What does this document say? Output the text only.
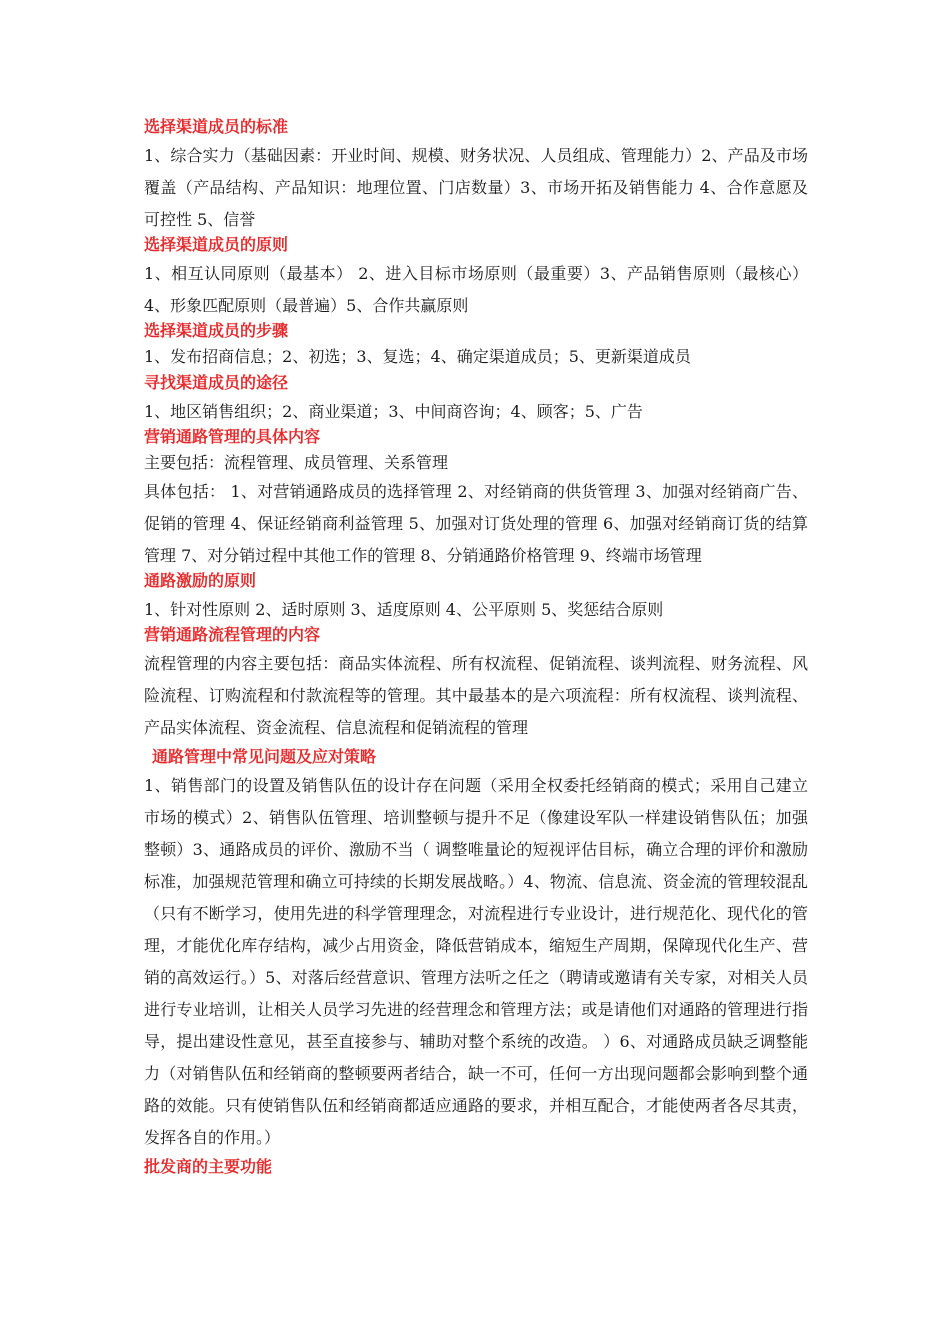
选择渠道成员的标准

1、综合实力（基础因素：开业时间、规模、财务状况、人员组成、管理能力）2、产品及市场覆盖（产品结构、产品知识：地理位置、门店数量）3、市场开拓及销售能力 4、合作意愿及可控性 5、信誉

选择渠道成员的原则

1、相互认同原则（最基本） 2、进入目标市场原则（最重要）3、产品销售原则（最核心）4、形象匹配原则（最普遍）5、合作共赢原则

选择渠道成员的步骤

1、发布招商信息；2、初选；3、复选；4、确定渠道成员；5、更新渠道成员

寻找渠道成员的途径

1、地区销售组织；2、商业渠道；3、中间商咨询；4、顾客；5、广告

营销通路管理的具体内容

主要包括：流程管理、成员管理、关系管理

具体包括： 1、对营销通路成员的选择管理 2、对经销商的供货管理 3、加强对经销商广告、促销的管理 4、保证经销商利益管理 5、加强对订货处理的管理 6、加强对经销商订货的结算管理 7、对分销过程中其他工作的管理 8、分销通路价格管理 9、终端市场管理

通路激励的原则

1、针对性原则 2、适时原则 3、适度原则 4、公平原则 5、奖惩结合原则

营销通路流程管理的内容

流程管理的内容主要包括：商品实体流程、所有权流程、促销流程、谈判流程、财务流程、风险流程、订购流程和付款流程等的管理。其中最基本的是六项流程：所有权流程、谈判流程、产品实体流程、资金流程、信息流程和促销流程的管理

通路管理中常见问题及应对策略

1、销售部门的设置及销售队伍的设计存在问题（采用全权委托经销商的模式；采用自己建立市场的模式）2、销售队伍管理、培训整顿与提升不足（像建设军队一样建设销售队伍；加强整顿）3、通路成员的评价、激励不当（ 调整唯量论的短视评估目标，确立合理的评价和激励标准，加强规范管理和确立可持续的长期发展战略。）4、物流、信息流、资金流的管理较混乱（只有不断学习，使用先进的科学管理理念，对流程进行专业设计，进行规范化、现代化的管理，才能优化库存结构，减少占用资金，降低营销成本，缩短生产周期，保障现代化生产、营销的高效运行。）5、对落后经营意识、管理方法听之任之（聘请或邀请有关专家，对相关人员进行专业培训，让相关人员学习先进的经营理念和管理方法；或是请他们对通路的管理进行指导，提出建设性意见，甚至直接参与、辅助对整个系统的改造。 ）6、对通路成员缺乏调整能力（对销售队伍和经销商的整顿要两者结合，缺一不可，任何一方出现问题都会影响到整个通路的效能。只有使销售队伍和经销商都适应通路的要求，并相互配合，才能使两者各尽其责，发挥各自的作用。）

批发商的主要功能
